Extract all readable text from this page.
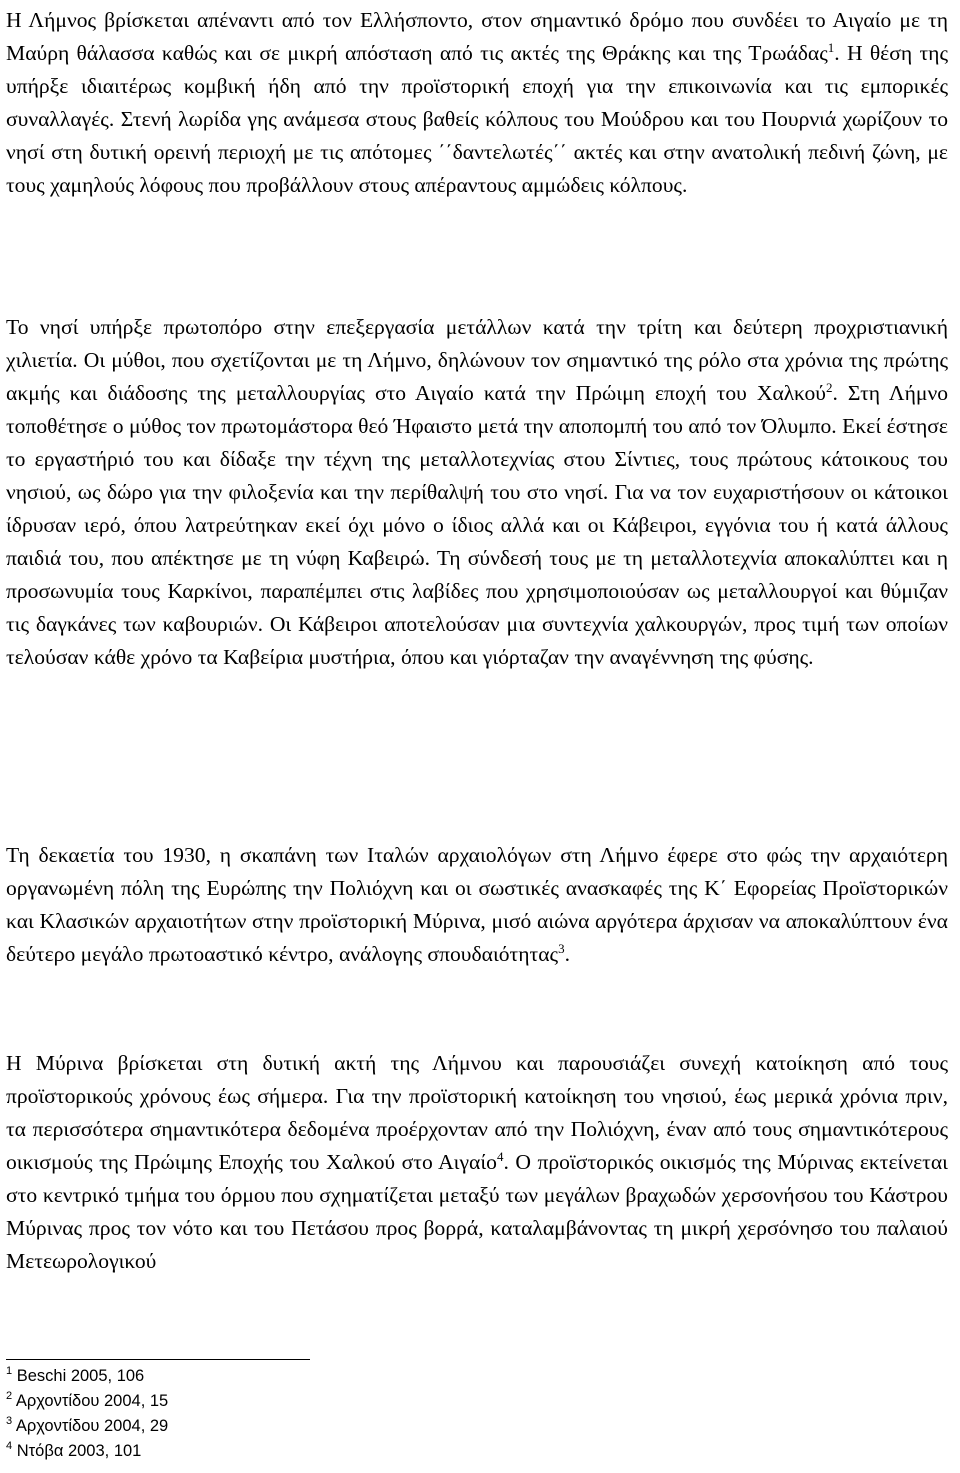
Η Λήμνος βρίσκεται απέναντι από τον Ελλήσποντο, στον σημαντικό δρόμο που συνδέει το Αιγαίο με τη Μαύρη θάλασσα καθώς και σε μικρή απόσταση από τις ακτές της Θράκης και της Τρωάδας$^1$. Η θέση της υπήρξε ιδιαιτέρως κομβική ήδη από την προϊστορική εποχή για την επικοινωνία και τις εμπορικές συναλλαγές. Στενή λωρίδα γης ανάμεσα στους βαθείς κόλπους του Μούδρου και του Πουρνιά χωρίζουν το νησί στη δυτική ορεινή περιοχή με τις απότομες ΄΄δαντελωτές΄΄ ακτές και στην ανατολική πεδινή ζώνη, με τους χαμηλούς λόφους που προβάλλουν στους απέραντους αμμώδεις κόλπους.

Το νησί υπήρξε πρωτοπόρο στην επεξεργασία μετάλλων κατά την τρίτη και δεύτερη προχριστιανική χιλιετία. Οι μύθοι, που σχετίζονται με τη Λήμνο, δηλώνουν τον σημαντικό της ρόλο στα χρόνια της πρώτης ακμής και διάδοσης της μεταλλουργίας στο Αιγαίο κατά την Πρώιμη εποχή του Χαλκού$^2$. Στη Λήμνο τοποθέτησε ο μύθος τον πρωτομάστορα θεό Ήφαιστο μετά την αποπομπή του από τον Όλυμπο. Εκεί έστησε το εργαστήριό του και δίδαξε την τέχνη της μεταλλοτεχνίας στου Σίντιες, τους πρώτους κάτοικους του νησιού, ως δώρο για την φιλοξενία και την περίθαλψή του στο νησί. Για να τον ευχαριστήσουν οι κάτοικοι ίδρυσαν ιερό, όπου λατρεύτηκαν εκεί όχι μόνο ο ίδιος αλλά και οι Κάβειροι, εγγόνια του ή κατά άλλους παιδιά του, που απέκτησε με τη νύφη Καβειρώ. Τη σύνδεσή τους με τη μεταλλοτεχνία αποκαλύπτει και η προσωνυμία τους Καρκίνοι, παραπέμπει στις λαβίδες που χρησιμοποιούσαν ως μεταλλουργοί και θύμιζαν τις δαγκάνες των καβουριών. Οι Κάβειροι αποτελούσαν μια συντεχνία χαλκουργών, προς τιμή των οποίων τελούσαν κάθε χρόνο τα Καβείρια μυστήρια, όπου και γιόρταζαν την αναγέννηση της φύσης.

Τη δεκαετία του 1930, η σκαπάνη των Ιταλών αρχαιολόγων στη Λήμνο έφερε στο φώς την αρχαιότερη οργανωμένη πόλη της Ευρώπης την Πολιόχνη και οι σωστικές ανασκαφές της Κ΄ Εφορείας Προϊστορικών και Κλασικών αρχαιοτήτων στην προϊστορική Μύρινα, μισό αιώνα αργότερα άρχισαν να αποκαλύπτουν ένα δεύτερο μεγάλο πρωτοαστικό κέντρο, ανάλογης σπουδαιότητας$^3$.

Η Μύρινα βρίσκεται στη δυτική ακτή της Λήμνου και παρουσιάζει συνεχή κατοίκηση από τους προϊστορικούς χρόνους έως σήμερα. Για την προϊστορική κατοίκηση του νησιού, έως μερικά χρόνια πριν, τα περισσότερα σημαντικότερα δεδομένα προέρχονταν από την Πολιόχνη, έναν από τους σημαντικότερους οικισμούς της Πρώιμης Εποχής του Χαλκού στο Αιγαίο$^4$. Ο προϊστορικός οικισμός της Μύρινας εκτείνεται στο κεντρικό τμήμα του όρμου που σχηματίζεται μεταξύ των μεγάλων βραχωδών χερσονήσου του Κάστρου Μύρινας προς τον νότο και του Πετάσου προς βορρά, καταλαμβάνοντας τη μικρή χερσόνησο του παλαιού Μετεωρολογικού

$^1$ Beschi 2005, 106

$^2$ Αρχοντίδου 2004, 15

$^3$ Αρχοντίδου 2004, 29

$^4$ Ντόβα 2003, 101
